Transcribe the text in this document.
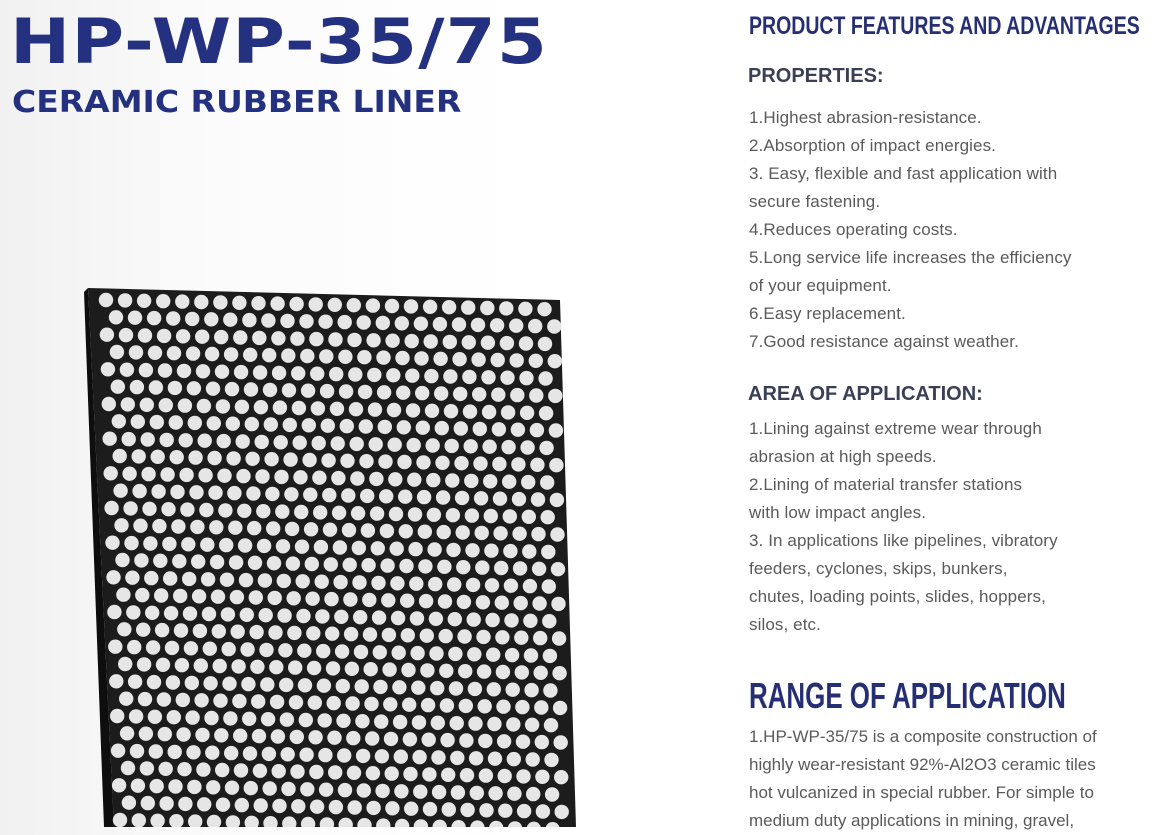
HP-WP-35/75
CERAMIC RUBBER LINER
PRODUCT FEATURES AND ADVANTAGES
PROPERTIES:
1.Highest abrasion-resistance.
2.Absorption of impact energies.
3. Easy, flexible and fast application with
secure fastening.
4.Reduces operating costs.
5.Long service life increases the efficiency
of your equipment.
6.Easy replacement.
7.Good resistance against weather.
AREA OF APPLICATION:
1.Lining against extreme wear through
abrasion at high speeds.
2.Lining of material transfer stations
with low impact angles.
3. In applications like pipelines, vibratory
feeders, cyclones, skips, bunkers,
chutes, loading points, slides, hoppers,
silos, etc.
RANGE OF APPLICATION
1.HP-WP-35/75 is a composite construction of
highly wear-resistant 92%-Al2O3 ceramic tiles
hot vulcanized in special rubber. For simple to
medium duty applications in mining, gravel,
